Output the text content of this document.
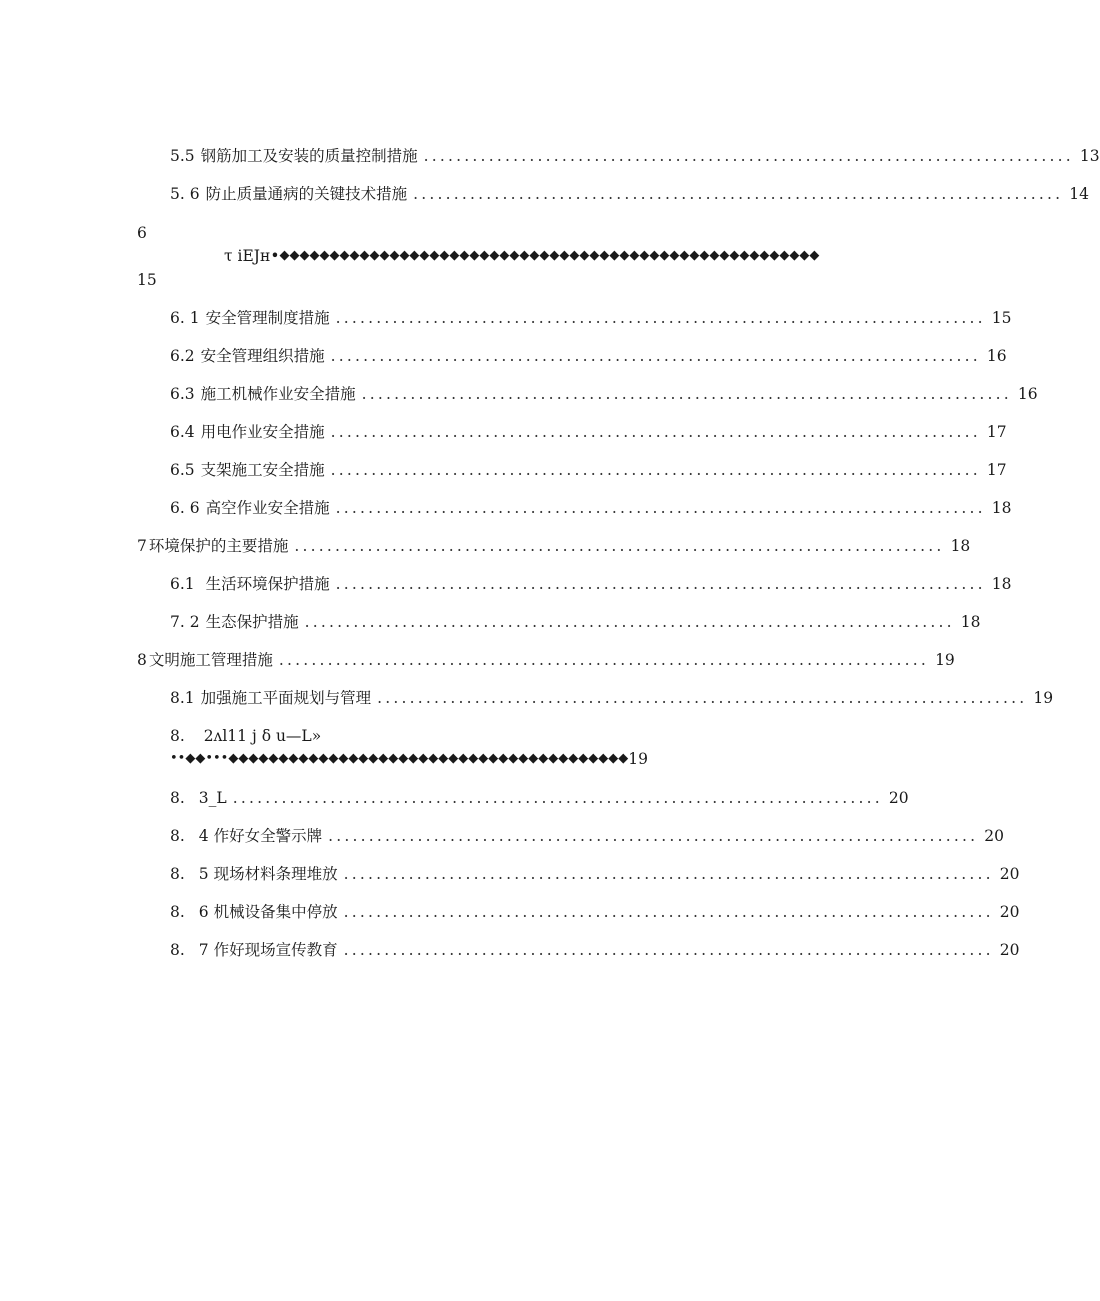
5.5 钢筋加工及安装的质量控制措施 ................................................................................ 13
5. 6 防止质量通病的关键技术措施 ................................................................................ 14
6
τ iEJн• ◆◆◆◆◆◆◆◆◆◆◆◆◆◆◆◆◆◆◆◆◆◆◆◆◆◆◆◆◆◆◆◆◆◆◆◆◆◆◆◆◆◆◆◆◆◆◆◆◆◆◆◆◆◆
15
6. 1 安全管理制度措施 ................................................................................ 15
6.2 安全管理组织措施 ................................................................................ 16
6.3 施工机械作业安全措施 ................................................................................ 16
6.4 用电作业安全措施 ................................................................................ 17
6.5 支架施工安全措施 ................................................................................ 17
6. 6 高空作业安全措施 ................................................................................ 18
7 环境保护的主要措施 ................................................................................ 18
6.1 生活环境保护措施 ................................................................................ 18
7. 2 生态保护措施 ................................................................................ 18
8 文明施工管理措施 ................................................................................ 19
8.1 加强施工平面规划与管理 ................................................................................ 19
8. 2ʌl11 j δ u—L»
••◆◆••• ◆◆◆◆◆◆◆◆◆◆◆◆◆◆◆◆◆◆◆◆◆◆◆◆◆◆◆◆◆◆◆◆◆◆◆◆◆◆◆◆ 19
8. 3_L ................................................................................ 20
8. 4 作好女全警示牌 ................................................................................ 20
8. 5 现场材料条理堆放 ................................................................................ 20
8. 6 机械设备集中停放 ................................................................................ 20
8. 7 作好现场宣传教育 ................................................................................ 20
